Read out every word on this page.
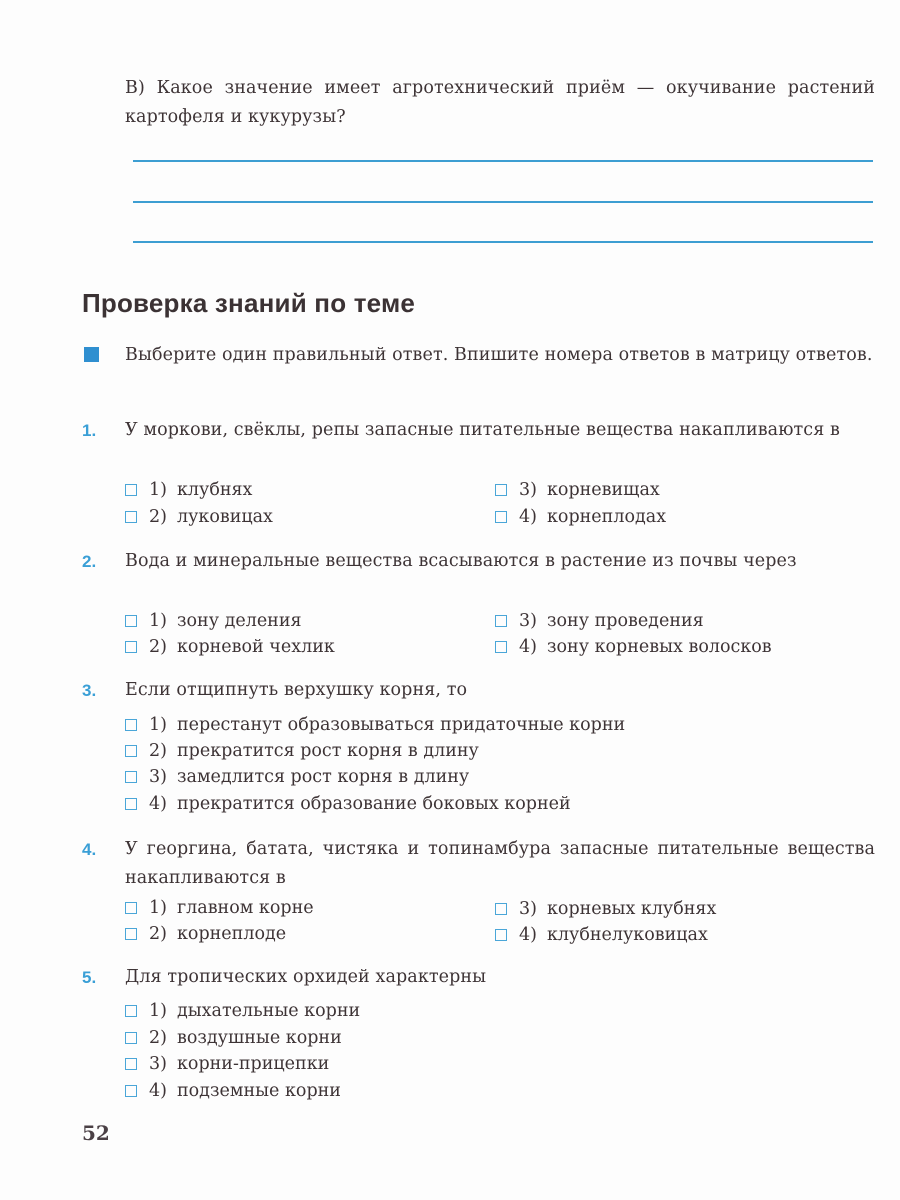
В) Какое значение имеет агротехнический приём — окучивание растений картофеля и кукурузы?
Проверка знаний по теме
Выберите один правильный ответ. Впишите номера ответов в матрицу ответов.
1. У моркови, свёклы, репы запасные питательные вещества накапливаются в
1) клубнях
2) луковицах
3) корневищах
4) корнеплодах
2. Вода и минеральные вещества всасываются в растение из почвы через
1) зону деления
2) корневой чехлик
3) зону проведения
4) зону корневых волосков
3. Если отщипнуть верхушку корня, то
1) перестанут образовываться придаточные корни
2) прекратится рост корня в длину
3) замедлится рост корня в длину
4) прекратится образование боковых корней
4. У георгина, батата, чистяка и топинамбура запасные питательные вещества накапливаются в
1) главном корне
2) корнеплоде
3) корневых клубнях
4) клубнелуковицах
5. Для тропических орхидей характерны
1) дыхательные корни
2) воздушные корни
3) корни-прицепки
4) подземные корни
52
